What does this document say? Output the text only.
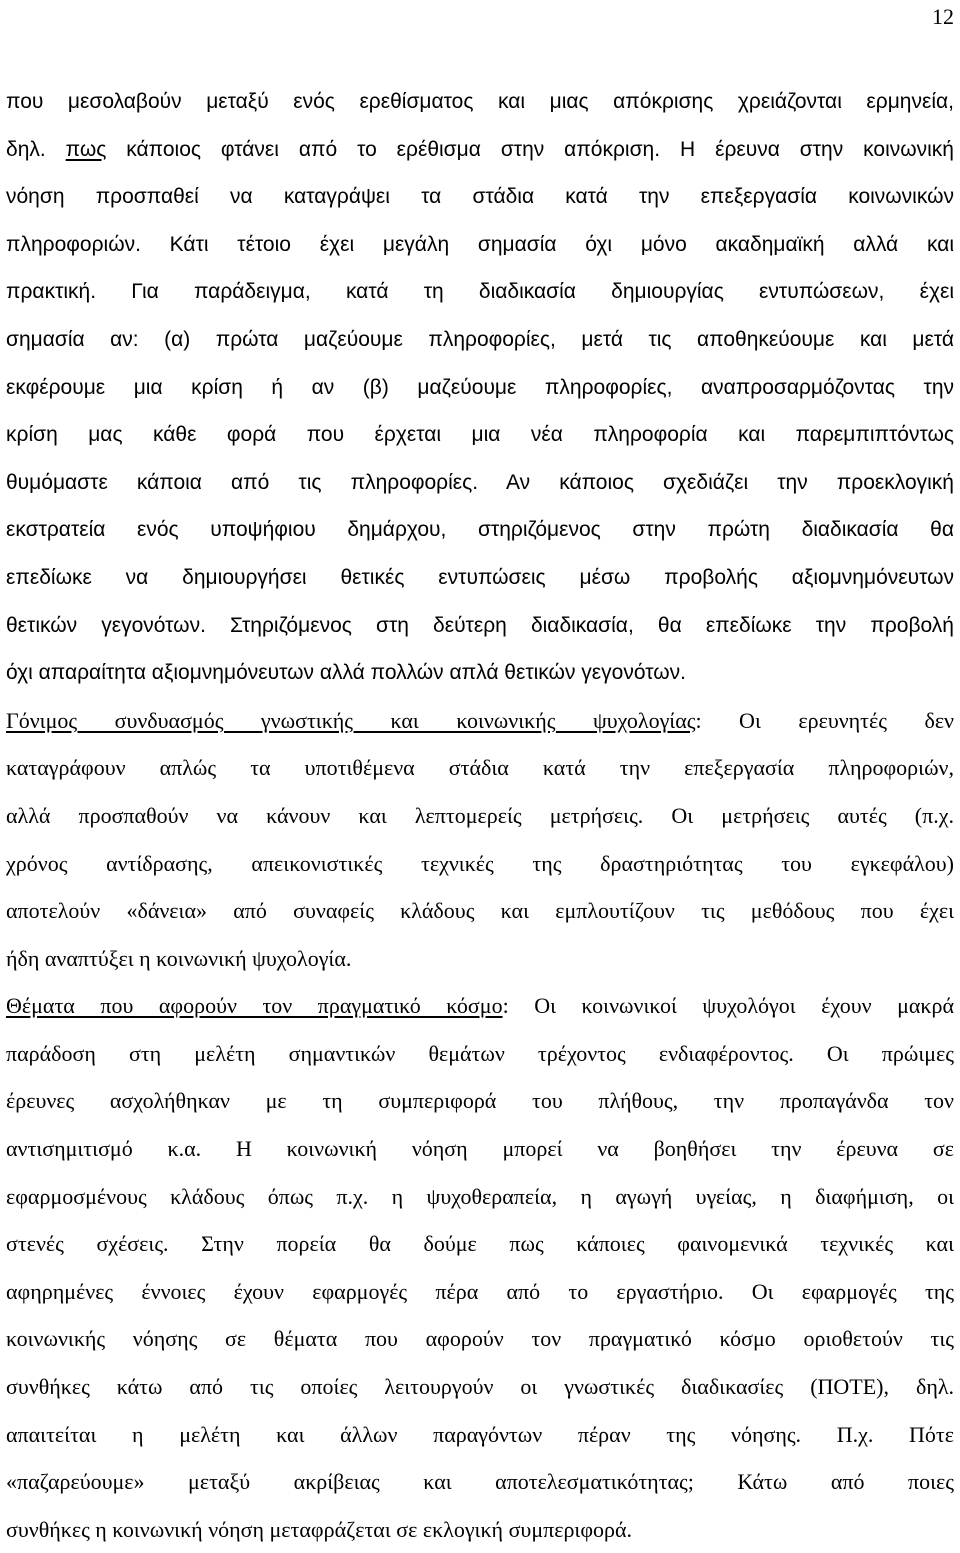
12
που μεσολαβούν μεταξύ ενός ερεθίσματος και μιας απόκρισης χρειάζονται ερμηνεία,
δηλ. πως κάποιος φτάνει από το ερέθισμα στην απόκριση. Η έρευνα στην κοινωνική
νόηση προσπαθεί να καταγράψει τα στάδια κατά την επεξεργασία κοινωνικών
πληροφοριών. Κάτι τέτοιο έχει μεγάλη σημασία όχι μόνο ακαδημαϊκή αλλά και
πρακτική. Για παράδειγμα, κατά τη διαδικασία δημιουργίας εντυπώσεων, έχει
σημασία αν: (α) πρώτα μαζεύουμε πληροφορίες, μετά τις αποθηκεύουμε και μετά
εκφέρουμε μια κρίση ή αν (β) μαζεύουμε πληροφορίες, αναπροσαρμόζοντας την
κρίση μας κάθε φορά που έρχεται μια νέα πληροφορία και παρεμπιπτόντως
θυμόμαστε κάποια από τις πληροφορίες. Αν κάποιος σχεδιάζει την προεκλογική
εκστρατεία ενός υποψήφιου δημάρχου, στηριζόμενος στην πρώτη διαδικασία θα
επεδίωκε να δημιουργήσει θετικές εντυπώσεις μέσω προβολής αξιομνημόνευτων
θετικών γεγονότων. Στηριζόμενος στη δεύτερη διαδικασία, θα επεδίωκε την προβολή
όχι απαραίτητα αξιομνημόνευτων αλλά πολλών απλά θετικών γεγονότων.
Γόνιμος συνδυασμός γνωστικής και κοινωνικής ψυχολογίας: Οι ερευνητές δεν
καταγράφουν απλώς τα υποτιθέμενα στάδια κατά την επεξεργασία πληροφοριών,
αλλά προσπαθούν να κάνουν και λεπτομερείς μετρήσεις. Οι μετρήσεις αυτές (π.χ.
χρόνος αντίδρασης, απεικονιστικές τεχνικές της δραστηριότητας του εγκεφάλου)
αποτελούν «δάνεια» από συναφείς κλάδους και εμπλουτίζουν τις μεθόδους που έχει
ήδη αναπτύξει η κοινωνική ψυχολογία.
Θέματα που αφορούν τον πραγματικό κόσμο: Οι κοινωνικοί ψυχολόγοι έχουν μακρά
παράδοση στη μελέτη σημαντικών θεμάτων τρέχοντος ενδιαφέροντος. Οι πρώιμες
έρευνες ασχολήθηκαν με τη συμπεριφορά του πλήθους, την προπαγάνδα τον
αντισημιτισμό κ.α. Η κοινωνική νόηση μπορεί να βοηθήσει την έρευνα σε
εφαρμοσμένους κλάδους όπως π.χ. η ψυχοθεραπεία, η αγωγή υγείας, η διαφήμιση, οι
στενές σχέσεις. Στην πορεία θα δούμε πως κάποιες φαινομενικά τεχνικές και
αφηρημένες έννοιες έχουν εφαρμογές πέρα από το εργαστήριο. Οι εφαρμογές της
κοινωνικής νόησης σε θέματα που αφορούν τον πραγματικό κόσμο οριοθετούν τις
συνθήκες κάτω από τις οποίες λειτουργούν οι γνωστικές διαδικασίες (ΠΟΤΕ), δηλ.
απαιτείται η μελέτη και άλλων παραγόντων πέραν της νόησης. Π.χ. Πότε
«παζαρεύουμε» μεταξύ ακρίβειας και αποτελεσματικότητας; Κάτω από ποιες
συνθήκες η κοινωνική νόηση μεταφράζεται σε εκλογική συμπεριφορά.
